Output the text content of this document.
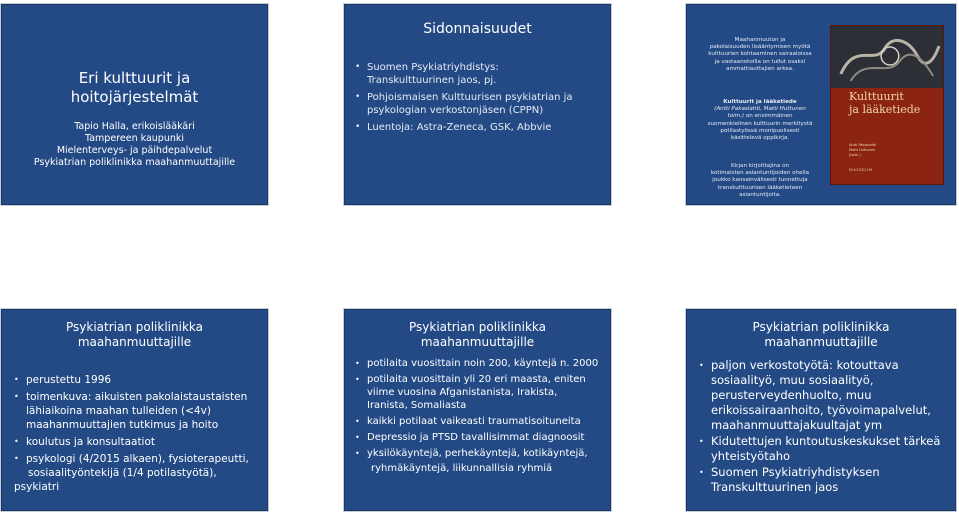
Eri kulttuurit ja
hoitojärjestelmät
Tapio Halla, erikoislääkäri
Tampereen kaupunki
Mielenterveys- ja päihdepalvelut
Psykiatrian poliklinikka maahanmuuttajille
Sidonnaisuudet
• Suomen Psykiatriyhdistys:
Transkulttuurinen jaos, pj.
• Pohjoismaisen Kulttuurisen psykiatrian ja
psykologian verkostonjäsen (CPPN)
• Luentoja: Astra-Zeneca, GSK, Abbvie
Maahanmuuton ja
pakolaisuuden lisääntymisen myötä
kulttuurien kohtaaminen sairaaloissa
ja vastaanotoilla on tullut osaksi
ammattiauttajien arkea.
Kulttuurit ja lääketiede
(Antti Pakaslahti, Matti Huttunen
toim.) on ensimmäinen
suomenkielinen kulttuurin merkitystä
potilastyössä monipuolisesti
käsittelevä oppikirja.
Kirjan kirjoittajina on
kotimaisten asiantuntijoiden ohella
joukko kansainvälisesti tunnettuja
transkulttuurisen lääketieteen
asiantuntijoita.
Kulttuurit
ja lääketiede
Antti Pakaslahti
Matti Huttunen
(toim.)
DUODECIM
Psykiatrian poliklinikka
maahanmuuttajille
• perustettu 1996
• toimenkuva: aikuisten pakolaistaustaisten
lähiaikoina maahan tulleiden (<4v)
maahanmuuttajien tutkimus ja hoito
• koulutus ja konsultaatiot
• psykologi (4/2015 alkaen), fysioterapeutti,
sosiaalityöntekijä (1/4 potilastyötä),
psykiatri
Psykiatrian poliklinikka
maahanmuuttajille
• potilaita vuosittain noin 200, käyntejä n. 2000
• potilaita vuosittain yli 20 eri maasta, eniten
viime vuosina Afganistanista, Irakista,
Iranista, Somaliasta
• kaikki potilaat vaikeasti traumatisoituneita
• Depressio ja PTSD tavallisimmat diagnoosit
• yksilökäyntejä, perhekäyntejä, kotikäyntejä,
ryhmäkäyntejä, liikunnallisia ryhmiä
Psykiatrian poliklinikka
maahanmuuttajille
• paljon verkostotyötä: kotouttava
sosiaalityö, muu sosiaalityö,
perusterveydenhuolto, muu
erikoissairaanhoito, työvoimapalvelut,
maahanmuuttajakuultajat ym
• Kidutettujen kuntoutuskeskukset tärkeä
yhteistyötaho
• Suomen Psykiatriyhdistyksen
Transkulttuurinen jaos
